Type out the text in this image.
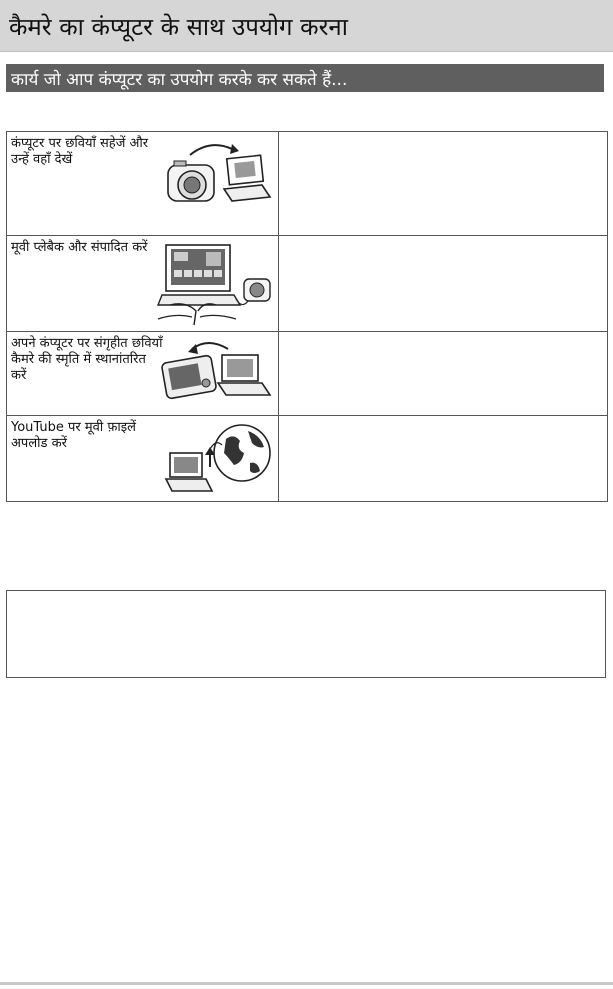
कैमरे का कंप्यूटर के साथ उपयोग करना
कार्य जो आप कंप्यूटर का उपयोग करके कर सकते हैं...
कंप्यूटर पर छवियाँ सहेजें और उन्हें वहाँ देखें	

मूवी प्लेबैक और संपादित करें	

अपने कंप्यूटर पर संगृहीत छवियाँ कैमरे की स्मृति में स्थानांतरित करें	

YouTube पर मूवी फ़ाइलें अपलोड करें	
